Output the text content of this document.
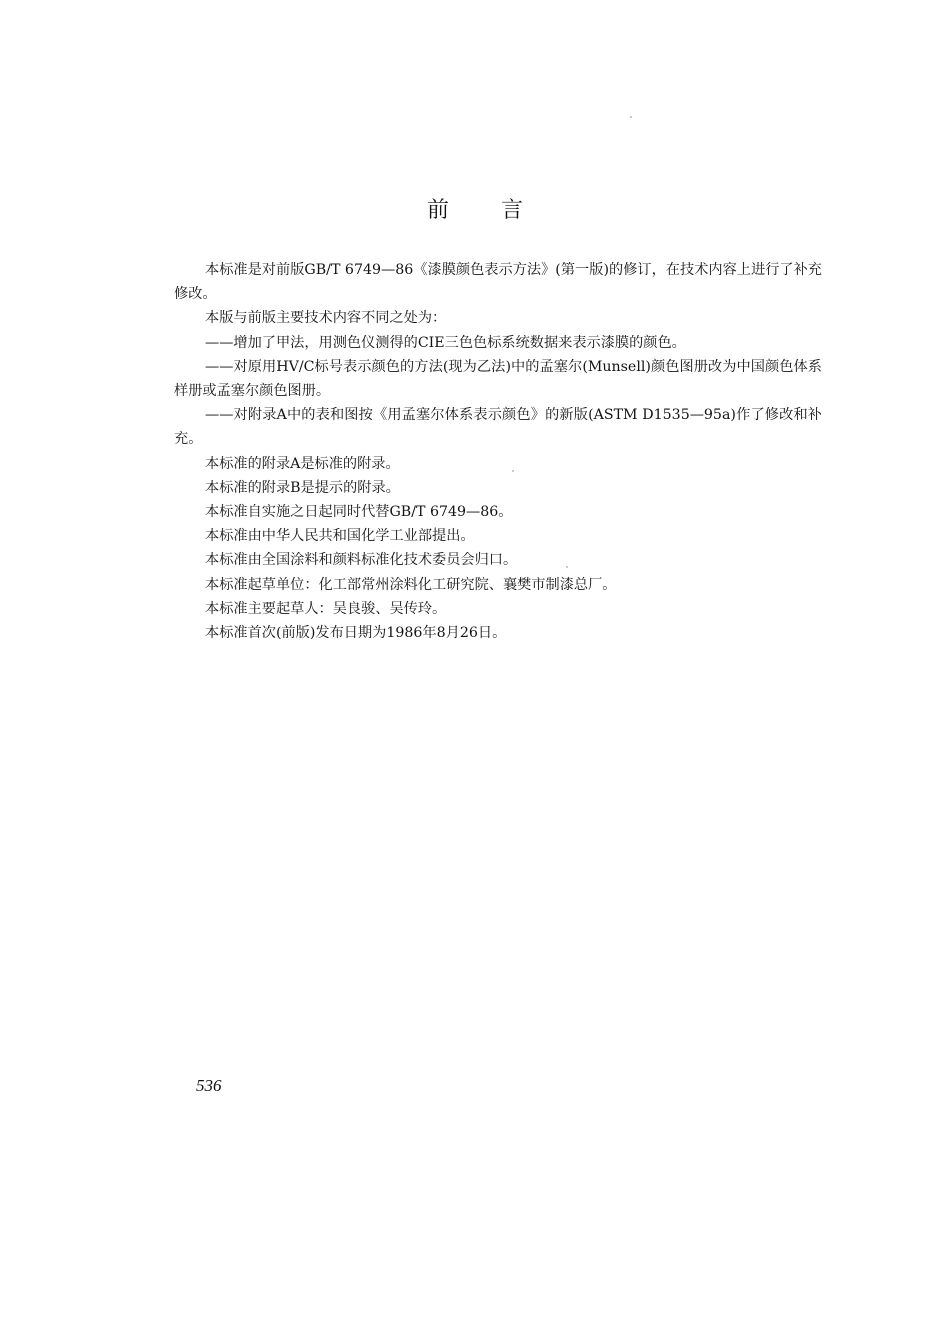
前言

本标准是对前版GB/T 6749—86《漆膜颜色表示方法》(第一版)的修订，在技术内容上进行了补充修改。

本版与前版主要技术内容不同之处为：

——增加了甲法，用测色仪测得的CIE三色色标系统数据来表示漆膜的颜色。

——对原用HV/C标号表示颜色的方法(现为乙法)中的孟塞尔(Munsell)颜色图册改为中国颜色体系样册或孟塞尔颜色图册。

——对附录A中的表和图按《用孟塞尔体系表示颜色》的新版(ASTM D1535—95a)作了修改和补充。

本标准的附录A是标准的附录。

本标准的附录B是提示的附录。

本标准自实施之日起同时代替GB/T 6749—86。

本标准由中华人民共和国化学工业部提出。

本标准由全国涂料和颜料标准化技术委员会归口。

本标准起草单位：化工部常州涂料化工研究院、襄樊市制漆总厂。

本标准主要起草人：吴良骏、吴传玲。

本标准首次(前版)发布日期为1986年8月26日。

536
